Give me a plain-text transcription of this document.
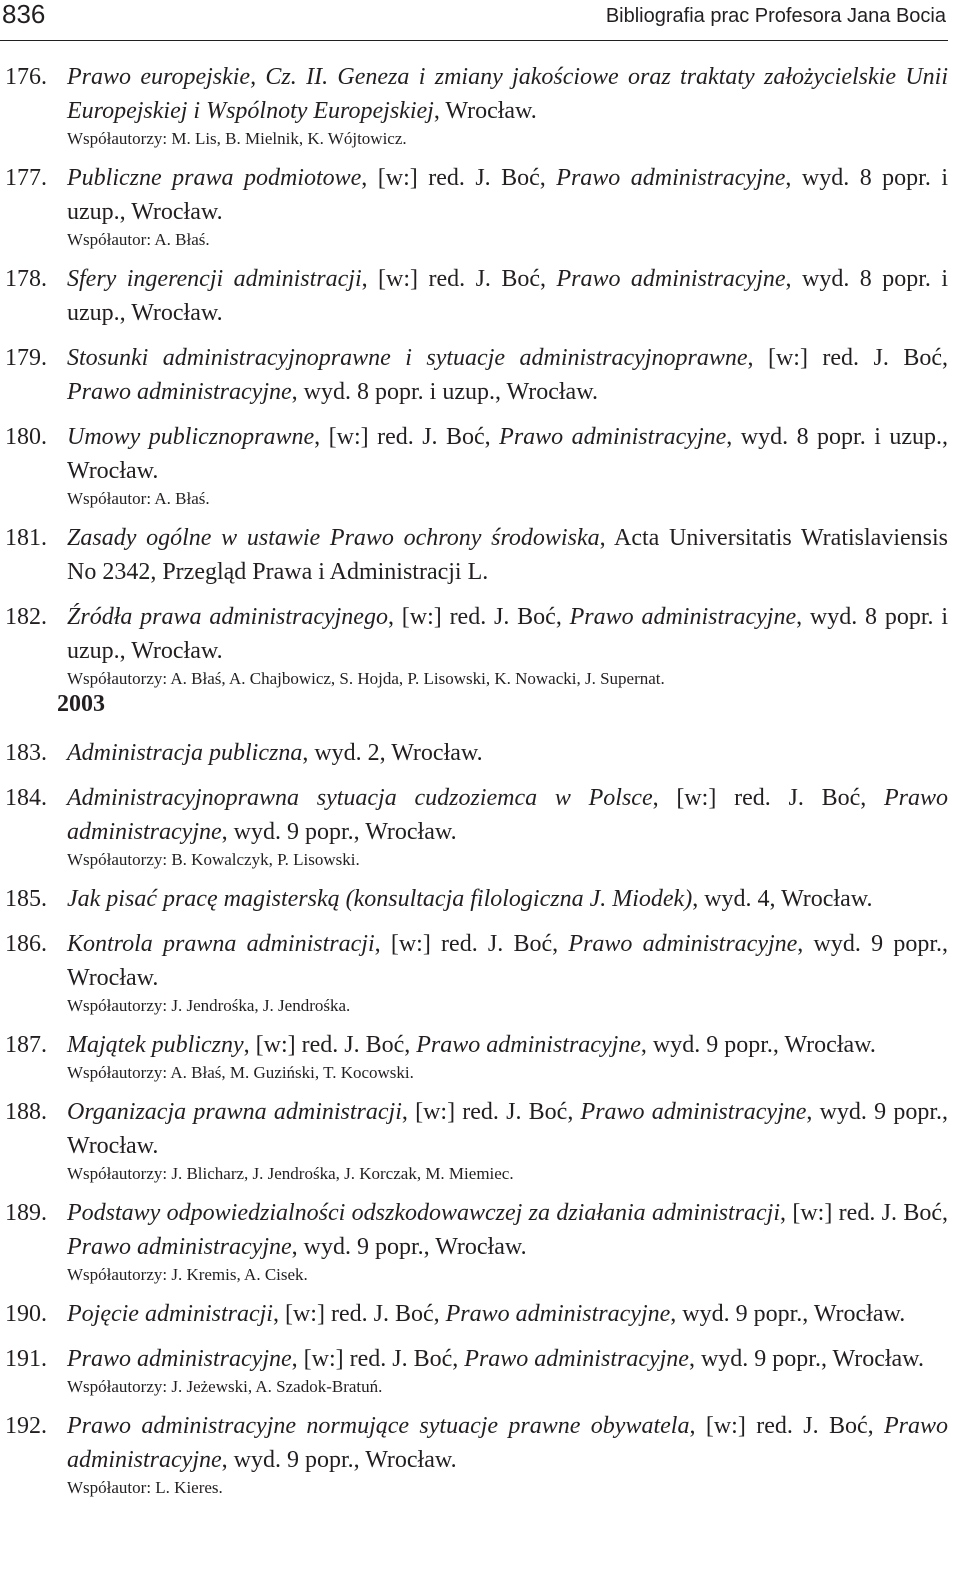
836	Bibliografia prac Profesora Jana Bocia
176. Prawo europejskie, Cz. II. Geneza i zmiany jakościowe oraz traktaty założycielskie Unii Europejskiej i Wspólnoty Europejskiej, Wrocław.
Współautorzy: M. Lis, B. Mielnik, K. Wójtowicz.
177. Publiczne prawa podmiotowe, [w:] red. J. Boć, Prawo administracyjne, wyd. 8 popr. i uzup., Wrocław.
Współautor: A. Błaś.
178. Sfery ingerencji administracji, [w:] red. J. Boć, Prawo administracyjne, wyd. 8 popr. i uzup., Wrocław.
179. Stosunki administracyjnoprawne i sytuacje administracyjnoprawne, [w:] red. J. Boć, Prawo administracyjne, wyd. 8 popr. i uzup., Wrocław.
180. Umowy publicznoprawne, [w:] red. J. Boć, Prawo administracyjne, wyd. 8 popr. i uzup., Wrocław.
Współautor: A. Błaś.
181. Zasady ogólne w ustawie Prawo ochrony środowiska, Acta Universitatis Wratislaviensis No 2342, Przegląd Prawa i Administracji L.
182. Źródła prawa administracyjnego, [w:] red. J. Boć, Prawo administracyjne, wyd. 8 popr. i uzup., Wrocław.
Współautorzy: A. Błaś, A. Chajbowicz, S. Hojda, P. Lisowski, K. Nowacki, J. Supernat.
2003
183. Administracja publiczna, wyd. 2, Wrocław.
184. Administracyjnoprawna sytuacja cudzoziemca w Polsce, [w:] red. J. Boć, Prawo administracyjne, wyd. 9 popr., Wrocław.
Współautorzy: B. Kowalczyk, P. Lisowski.
185. Jak pisać pracę magisterską (konsultacja filologiczna J. Miodek), wyd. 4, Wrocław.
186. Kontrola prawna administracji, [w:] red. J. Boć, Prawo administracyjne, wyd. 9 popr., Wrocław.
Współautorzy: J. Jendrośka, J. Jendrośka.
187. Majątek publiczny, [w:] red. J. Boć, Prawo administracyjne, wyd. 9 popr., Wrocław.
Współautorzy: A. Błaś, M. Guziński, T. Kocowski.
188. Organizacja prawna administracji, [w:] red. J. Boć, Prawo administracyjne, wyd. 9 popr., Wrocław.
Współautorzy: J. Blicharz, J. Jendrośka, J. Korczak, M. Miemiec.
189. Podstawy odpowiedzialności odszkodowawczej za działania administracji, [w:] red. J. Boć, Prawo administracyjne, wyd. 9 popr., Wrocław.
Współautorzy: J. Kremis, A. Cisek.
190. Pojęcie administracji, [w:] red. J. Boć, Prawo administracyjne, wyd. 9 popr., Wrocław.
191. Prawo administracyjne, [w:] red. J. Boć, Prawo administracyjne, wyd. 9 popr., Wrocław.
Współautorzy: J. Jeżewski, A. Szadok-Bratuń.
192. Prawo administracyjne normujące sytuacje prawne obywatela, [w:] red. J. Boć, Prawo administracyjne, wyd. 9 popr., Wrocław.
Współautor: L. Kieres.
